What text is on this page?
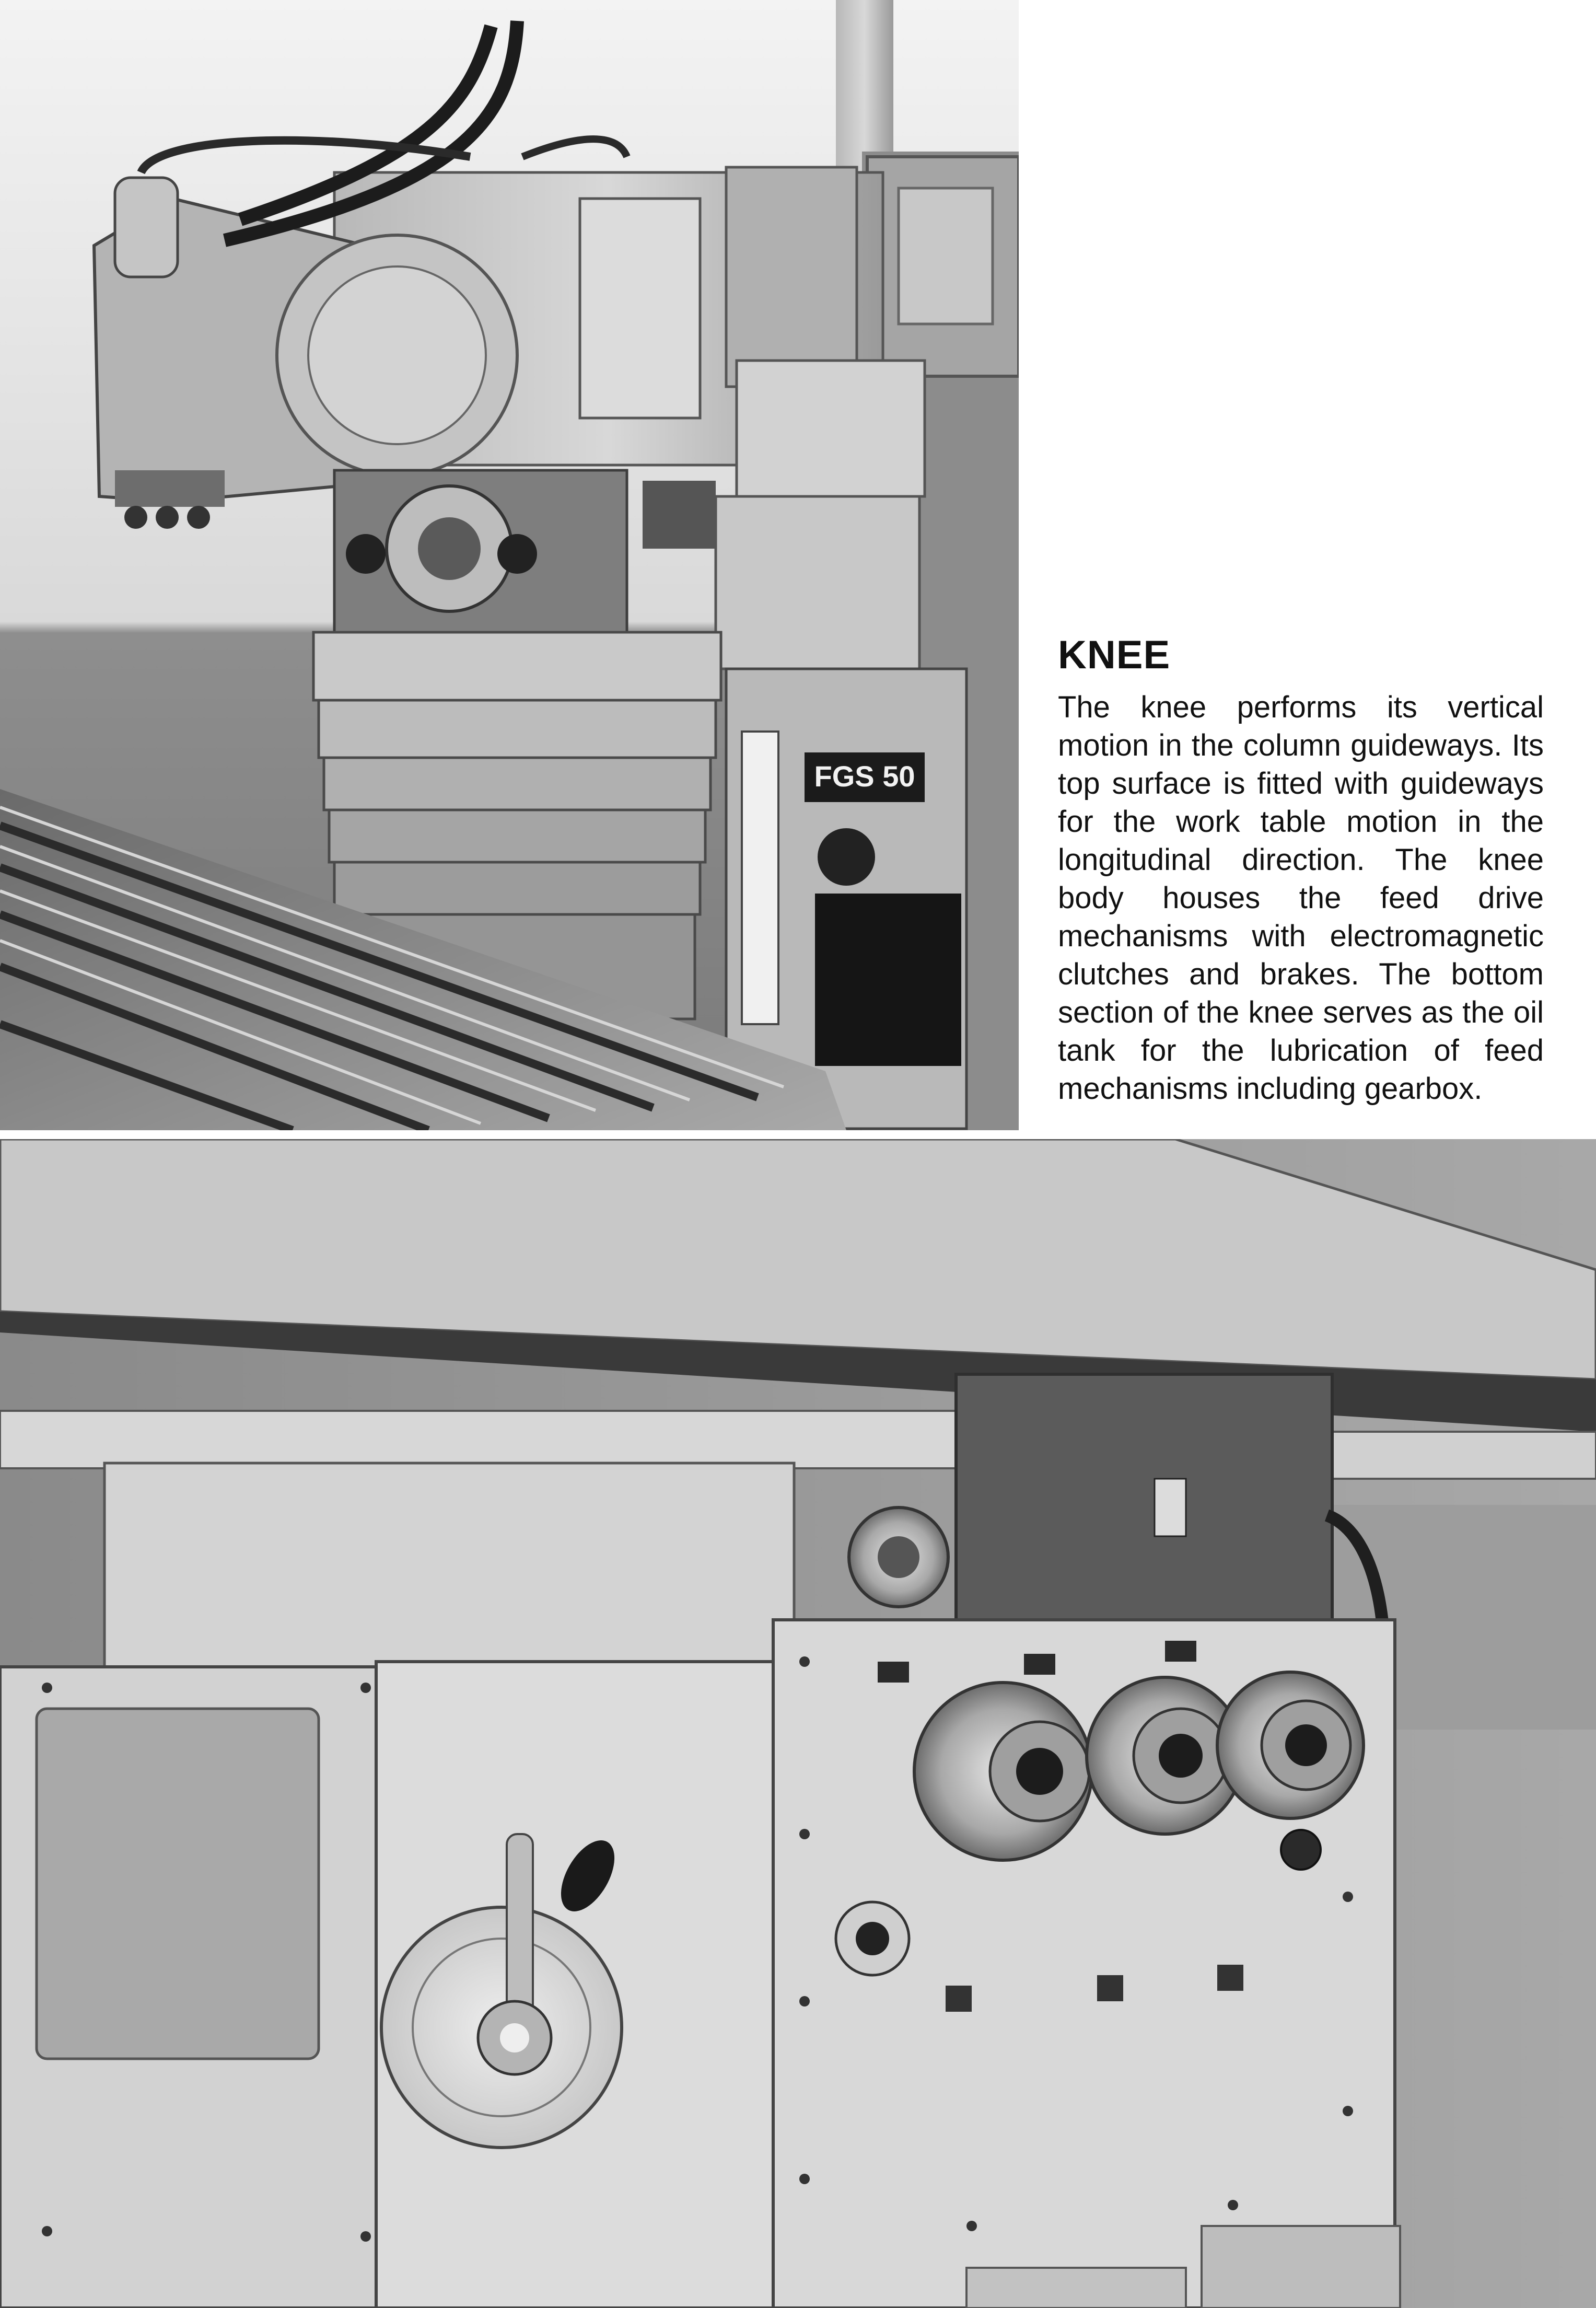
FGS 50
KNEE

The knee performs its vertical motion in the column guideways. Its top surface is fitted with guideways for the work table motion in the longitudinal direction. The knee body houses the feed drive mechanisms with electromagnetic clutches and brakes. The bottom section of the knee serves as the oil tank for the lubrication of feed mechanisms including gearbox.
